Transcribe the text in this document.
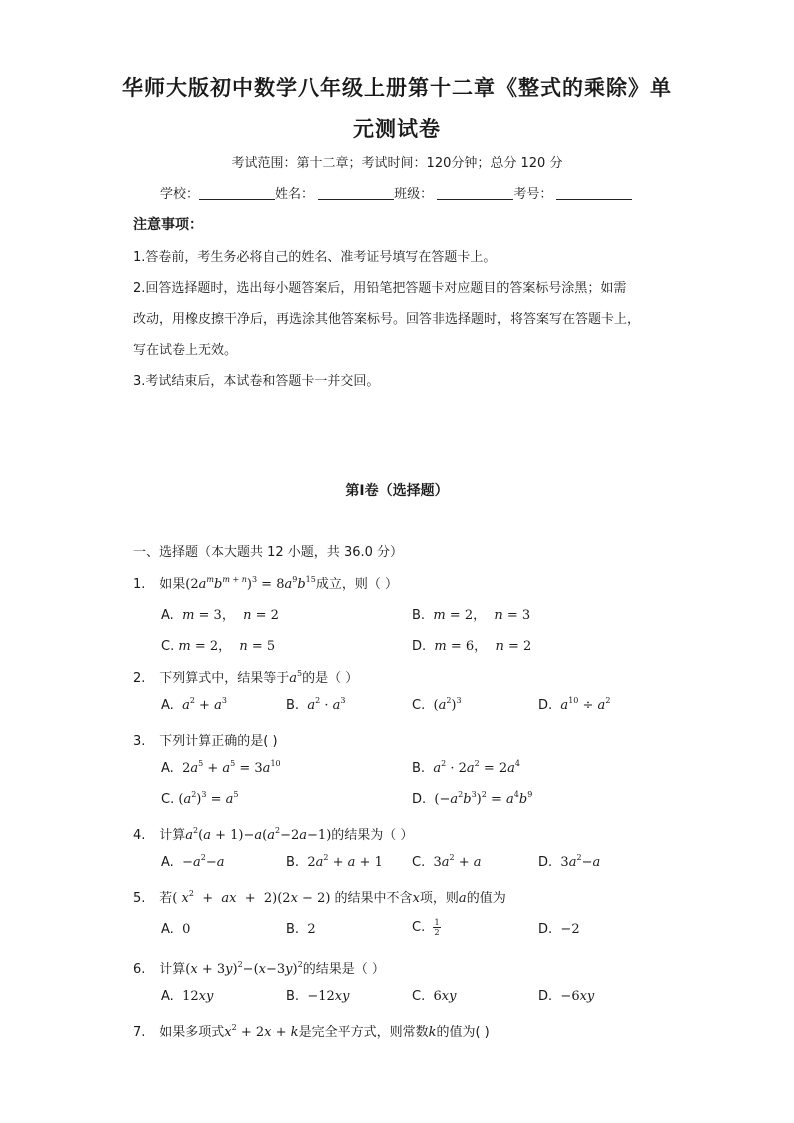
华师大版初中数学八年级上册第十二章《整式的乘除》单
元测试卷
考试范围：第十二章；考试时间：120分钟；总分 120 分
学校：	姓名：	班级：	考号：
注意事项：
1.答卷前，考生务必将自己的姓名、准考证号填写在答题卡上。
2.回答选择题时，选出每小题答案后，用铅笔把答题卡对应题目的答案标号涂黑；如需
改动，用橡皮擦干净后，再选涂其他答案标号。回答非选择题时，将答案写在答题卡上，
写在试卷上无效。
3.考试结束后，本试卷和答题卡一并交回。
第I卷（选择题）
一、选择题（本大题共 12 小题，共 36.0 分）
1. 如果$(2a^mb^{m + n})^3 = 8a^9b^{15}$成立，则（ ）
A. m = 3，  n = 2	B. m = 2，  n = 3
C. m = 2，  n = 5	D. m = 6，  n = 2
2. 下列算式中，结果等于$a^5$的是（ ）
A. $a^2 + a^3$	B. $a^2 \cdot a^3$	C. $(a^2)^3$	D. $a^{10} \div a^2$
3. 下列计算正确的是( )
A. $2a^5 + a^5 = 3a^{10}$	B. $a^2 \cdot 2a^2 = 2a^4$
C. $(a^2)^3 = a^5$	D. $(-a^2b^3)^2 = a^4b^9$
4. 计算$a^2(a + 1)-a(a^2-2a-1)$的结果为（ ）
A. $-a^2-a$	B. $2a^2 + a + 1$ C. $3a^2 + a$	D. $3a^2-a$
5. 若( $x^2$  +  ax  +  2)(2x − 2) 的结果中不含x项，则a的值为
A. 0	B. 2	C. $\frac{1}{2}$	D. −2
6. 计算$(x + 3y)^2-(x-3y)^2$的结果是（ ）
A. 12xy	B. −12xy	C. 6xy	D. −6xy
7. 如果多项式$x^2 + 2x + k$是完全平方式，则常数k的值为( )
